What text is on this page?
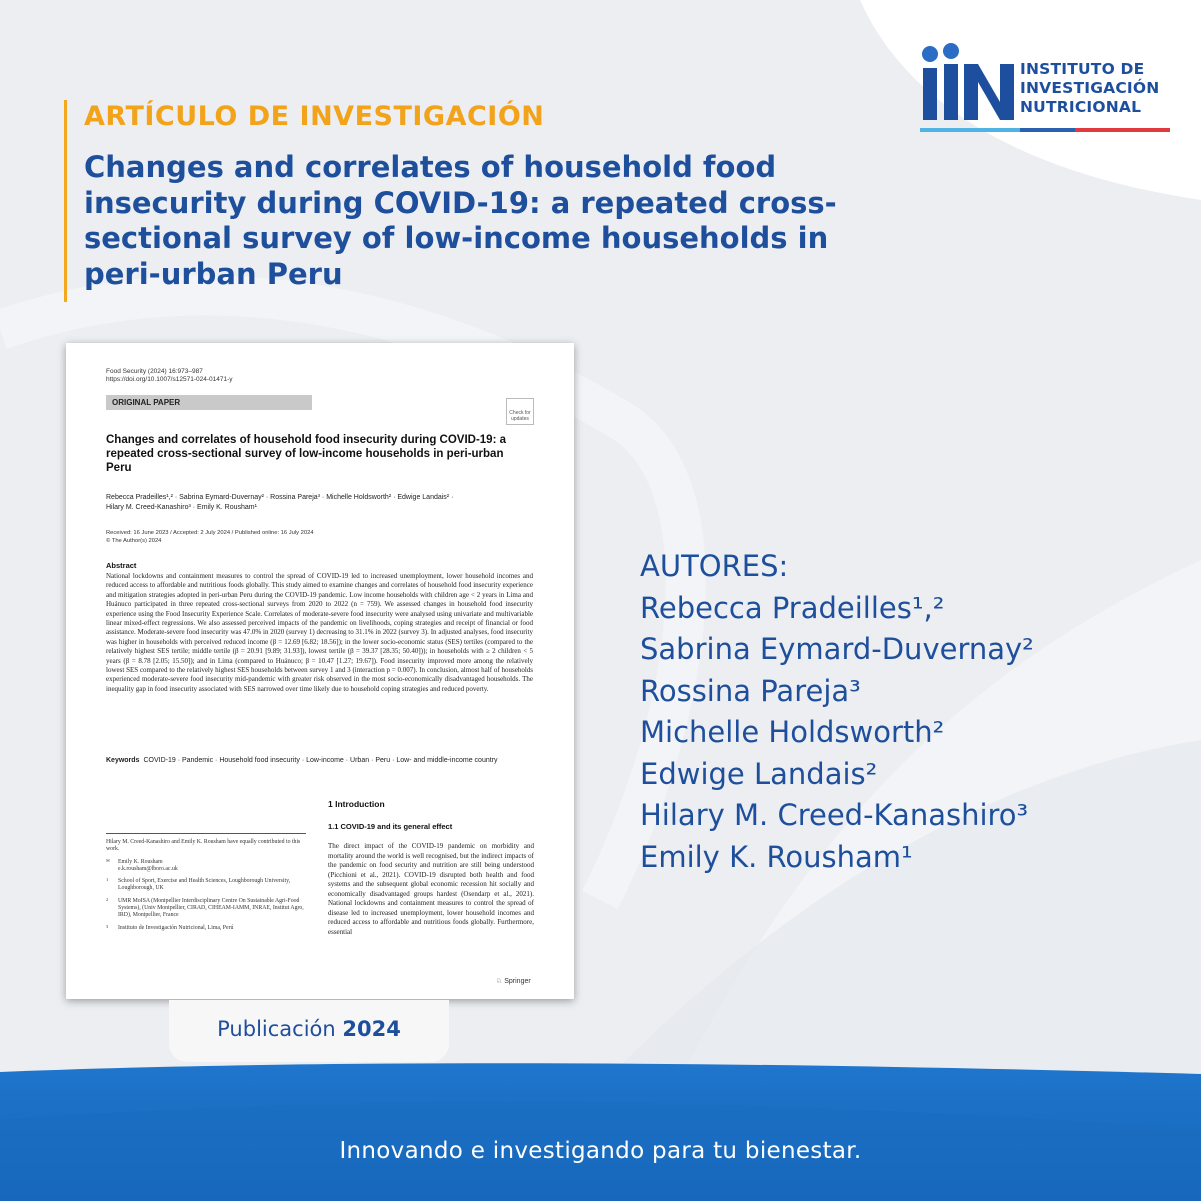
INSTITUTO DE
INVESTIGACIÓN
NUTRICIONAL
ARTÍCULO DE INVESTIGACIÓN
Changes and correlates of household food insecurity during COVID-19: a repeated cross-sectional survey of low-income households in peri-urban Peru
Food Security (2024) 16:973–987
https://doi.org/10.1007/s12571-024-01471-y
ORIGINAL PAPER
Check for updates
Changes and correlates of household food insecurity during COVID-19: a repeated cross-sectional survey of low-income households in peri-urban Peru
Rebecca Pradeilles¹,² · Sabrina Eymard-Duvernay² · Rossina Pareja³ · Michelle Holdsworth² · Edwige Landais² ·
Hilary M. Creed-Kanashiro³ · Emily K. Rousham¹
Received: 16 June 2023 / Accepted: 2 July 2024 / Published online: 16 July 2024
© The Author(s) 2024
Abstract
National lockdowns and containment measures to control the spread of COVID-19 led to increased unemployment, lower household incomes and reduced access to affordable and nutritious foods globally. This study aimed to examine changes and correlates of household food insecurity experience and mitigation strategies adopted in peri-urban Peru during the COVID-19 pandemic. Low income households with children age < 2 years in Lima and Huánuco participated in three repeated cross-sectional surveys from 2020 to 2022 (n = 759). We assessed changes in household food insecurity experience using the Food Insecurity Experience Scale. Correlates of moderate-severe food insecurity were analysed using univariate and multivariable linear mixed-effect regressions. We also assessed perceived impacts of the pandemic on livelihoods, coping strategies and receipt of financial or food assistance. Moderate-severe food insecurity was 47.0% in 2020 (survey 1) decreasing to 31.1% in 2022 (survey 3). In adjusted analyses, food insecurity was higher in households with perceived reduced income (β = 12.69 [6.82; 18.56]); in the lower socio-economic status (SES) tertiles (compared to the relatively highest SES tertile; middle tertile (β = 20.91 [9.89; 31.93]), lowest tertile (β = 39.37 [28.35; 50.40])); in households with ≥ 2 children < 5 years (β = 8.78 [2.05; 15.50]); and in Lima (compared to Huánuco; β = 10.47 [1.27; 19.67]). Food insecurity improved more among the relatively lowest SES compared to the relatively highest SES households between survey 1 and 3 (interaction p = 0.007). In conclusion, almost half of households experienced moderate-severe food insecurity mid-pandemic with greater risk observed in the most socio-economically disadvantaged households. The inequality gap in food insecurity associated with SES narrowed over time likely due to household coping strategies and reduced poverty.
Keywords COVID-19 · Pandemic · Household food insecurity · Low-income · Urban · Peru · Low- and middle-income country
1 Introduction
1.1 COVID-19 and its general effect
The direct impact of the COVID-19 pandemic on morbidity and mortality around the world is well recognised, but the indirect impacts of the pandemic on food security and nutrition are still being understood (Picchioni et al., 2021). COVID-19 disrupted both health and food systems and the subsequent global economic recession hit socially and economically disadvantaged groups hardest (Osendarp et al., 2021). National lockdowns and containment measures to control the spread of disease led to increased unemployment, lower household incomes and reduced access to affordable and nutritious foods globally. Furthermore, essential

Hilary M. Creed-Kanashiro and Emily K. Rousham have equally contributed to this work.

✉ Emily K. Rousham
e.k.rousham@lboro.ac.uk

1 School of Sport, Exercise and Health Sciences, Loughborough University, Loughborough, UK

2 UMR MoISA (Montpellier Interdisciplinary Centre On Sustainable Agri-Food Systems), (Univ Montpellier, CIRAD, CIHEAM-IAMM, INRAE, Institut Agro, IRD), Montpellier, France

3 Instituto de Investigación Nutricional, Lima, Perú

♘ Springer
Publicación 2024
AUTORES:
Rebecca Pradeilles¹,²
Sabrina Eymard-Duvernay²
Rossina Pareja³
Michelle Holdsworth²
Edwige Landais²
Hilary M. Creed-Kanashiro³
Emily K. Rousham¹
Innovando e investigando para tu bienestar.
